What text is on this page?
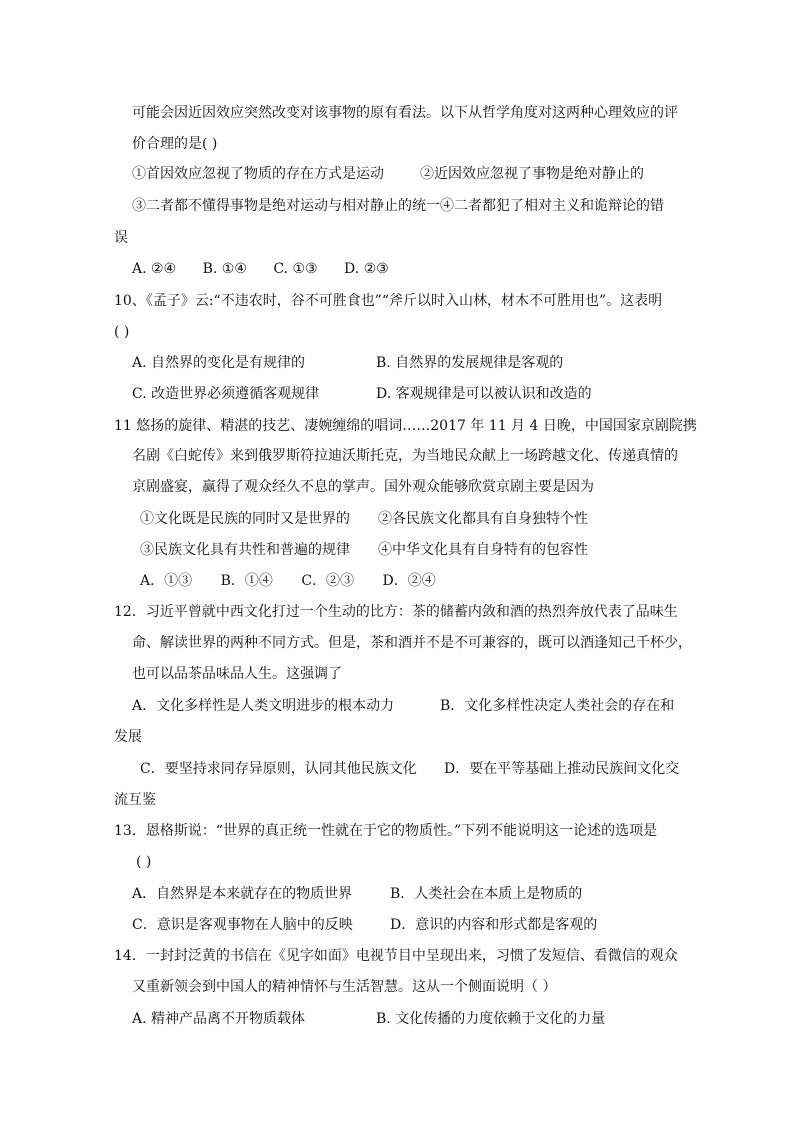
可能会因近因效应突然改变对该事物的原有看法。以下从哲学角度对这两种心理效应的评
价合理的是( )
①首因效应忽视了物质的存在方式是运动	②近因效应忽视了事物是绝对静止的
③二者都不懂得事物是绝对运动与相对静止的统一④二者都犯了相对主义和诡辩论的错
误
A. ②④ B. ①④ C. ①③ D. ②③
10、《孟子》云:“不违农时，谷不可胜食也”“斧斤以时入山林，材木不可胜用也”。这表明
( )
A. 自然界的变化是有规律的	B. 自然界的发展规律是客观的
C. 改造世界必须遵循客观规律	D. 客观规律是可以被认识和改造的
11 悠扬的旋律、精湛的技艺、凄婉缠绵的唱词……2017 年 11 月 4 日晚，中国国家京剧院携
名剧《白蛇传》来到俄罗斯符拉迪沃斯托克，为当地民众献上一场跨越文化、传递真情的
京剧盛宴，赢得了观众经久不息的掌声。国外观众能够欣赏京剧主要是因为
①文化既是民族的同时又是世界的 ②各民族文化都具有自身独特个性
③民族文化具有共性和普遍的规律 ④中华文化具有自身特有的包容性
A．①③ B．①④ C．②③ D．②④
12．习近平曾就中西文化打过一个生动的比方：茶的储蓄内敛和酒的热烈奔放代表了品味生
命、解读世界的两种不同方式。但是，茶和酒并不是不可兼容的，既可以酒逢知己千杯少，
也可以品茶品味品人生。这强调了
A．文化多样性是人类文明进步的根本动力	B．文化多样性决定人类社会的存在和
发展
C．要坚持求同存异原则，认同其他民族文化 D．要在平等基础上推动民族间文化交
流互鉴
13．恩格斯说：“世界的真正统一性就在于它的物质性。”下列不能说明这一论述的选项是
( )
A．自然界是本来就存在的物质世界	B．人类社会在本质上是物质的
C．意识是客观事物在人脑中的反映	D．意识的内容和形式都是客观的
14．一封封泛黄的书信在《见字如面》电视节目中呈现出来，习惯了发短信、看微信的观众
又重新领会到中国人的精神情怀与生活智慧。这从一个侧面说明（ ）
A. 精神产品离不开物质载体	B. 文化传播的力度依赖于文化的力量
